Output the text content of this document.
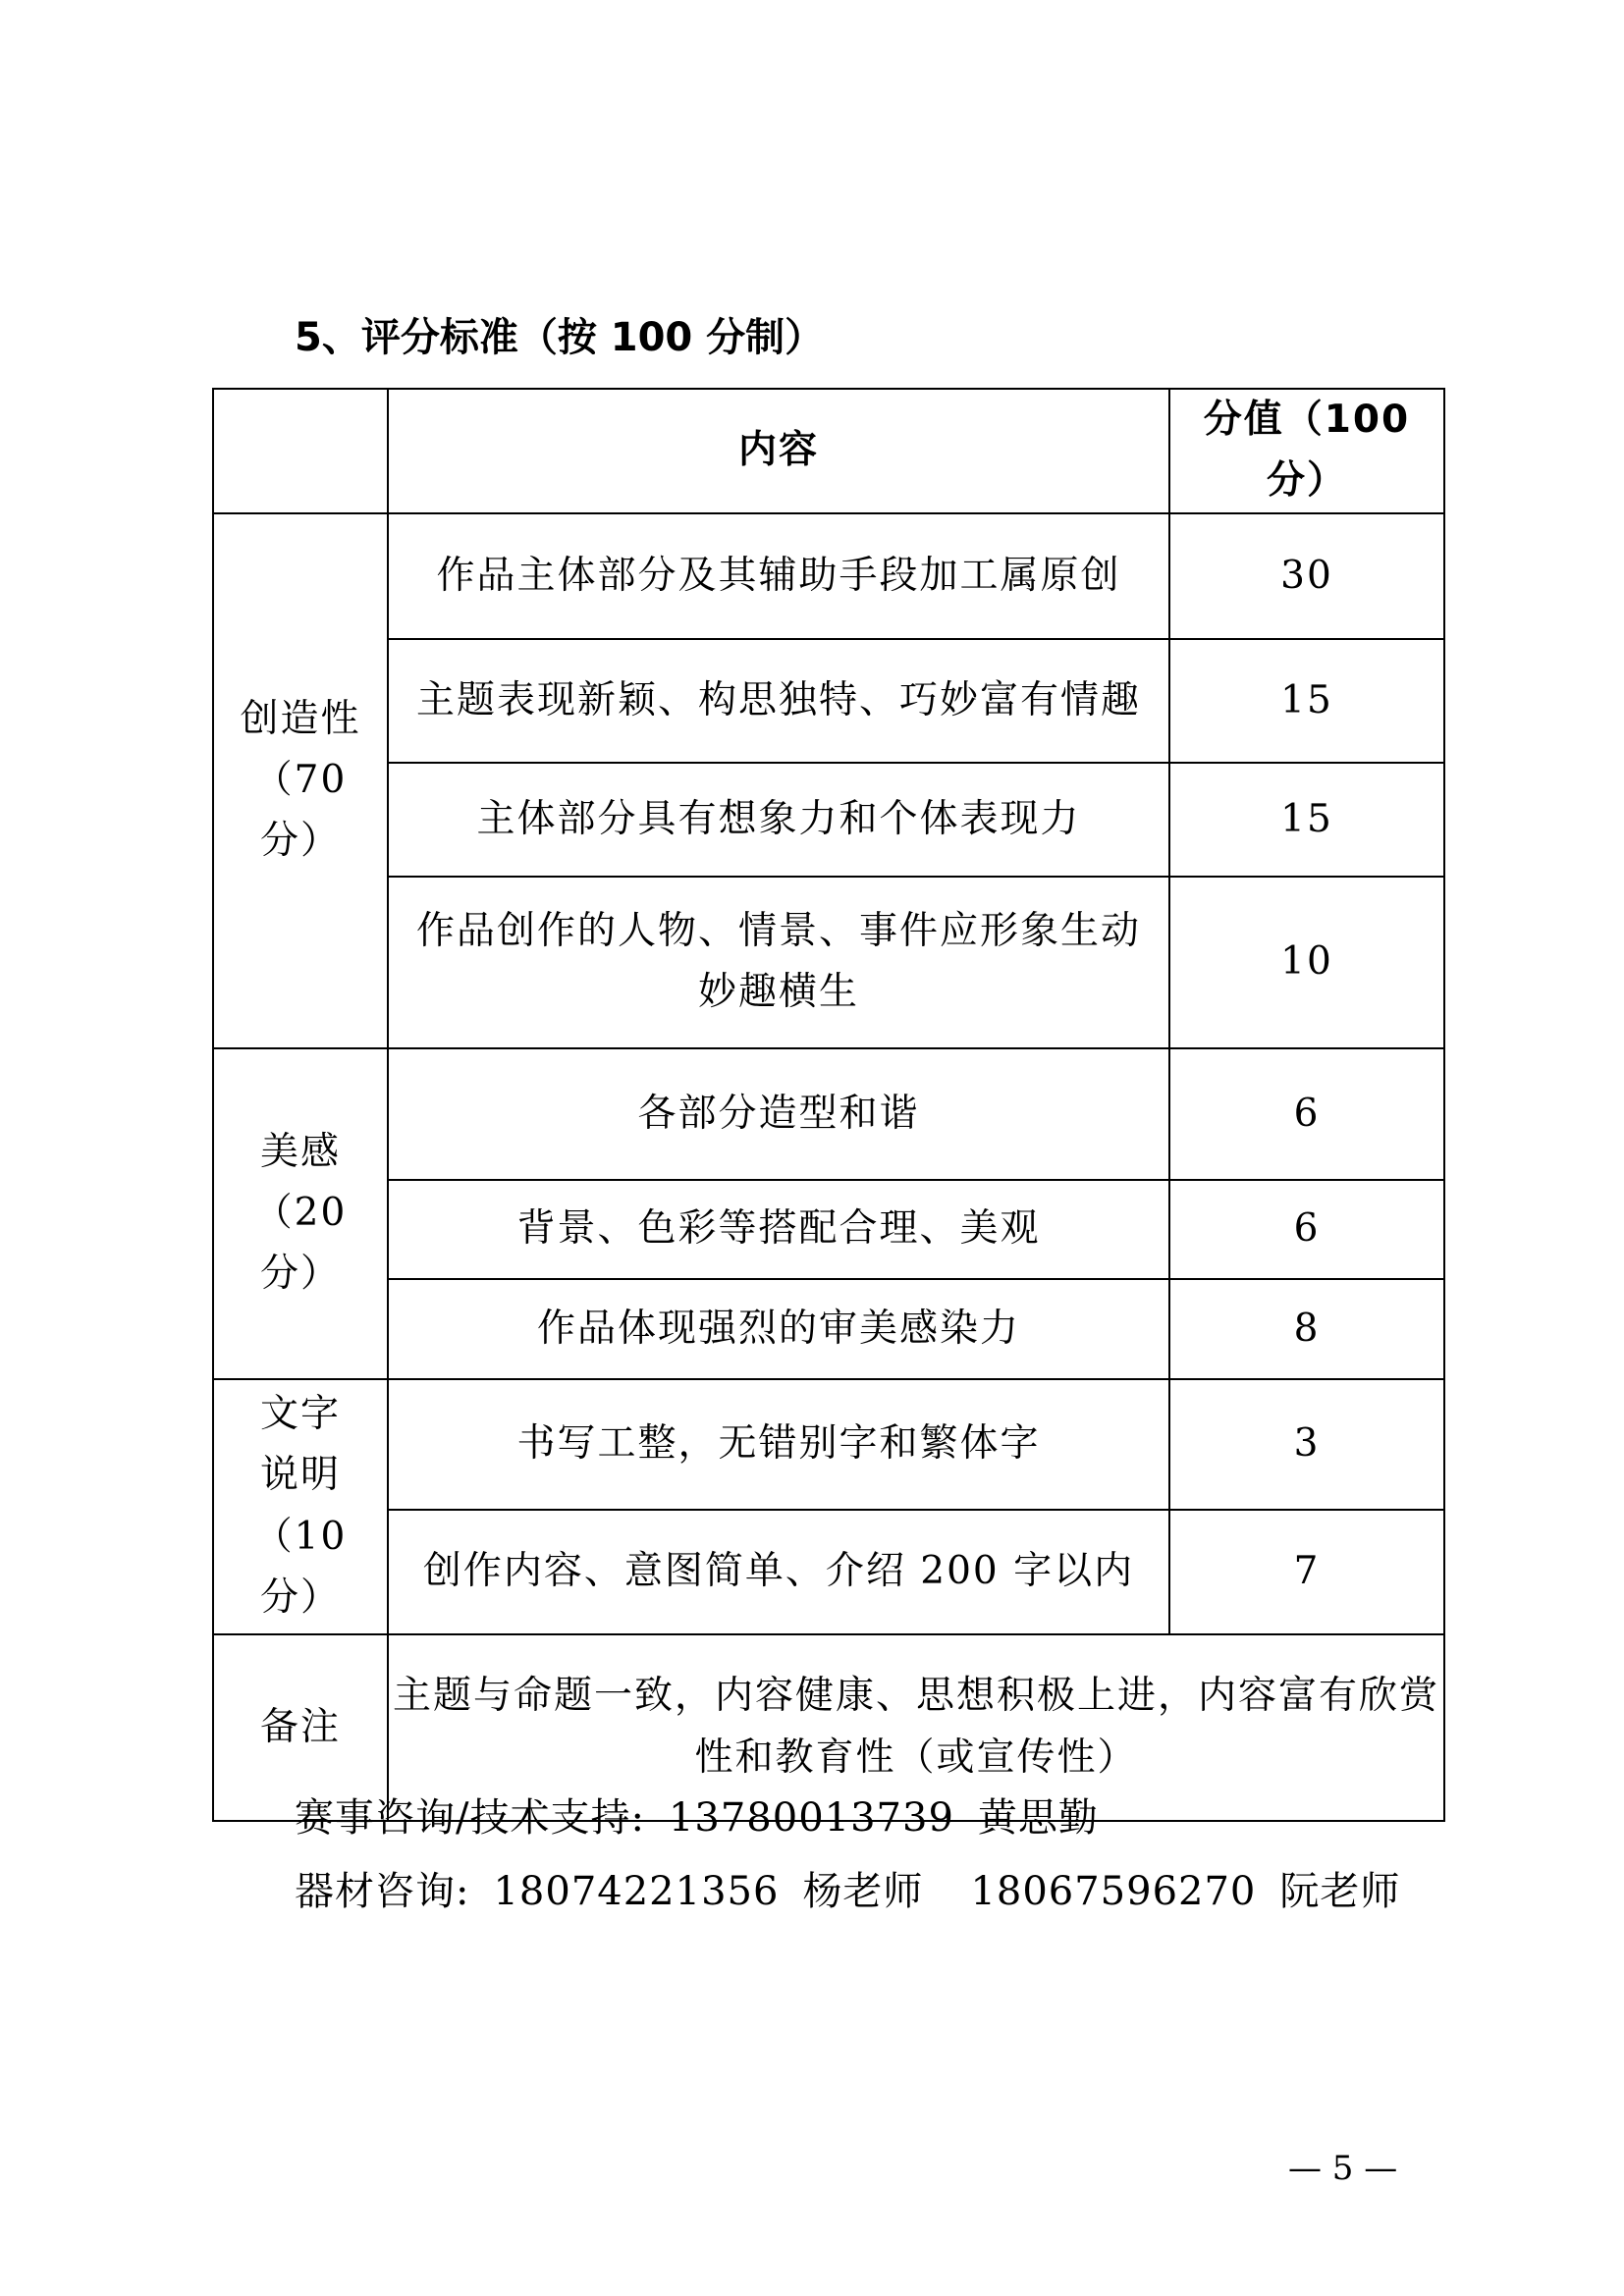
5、评分标准（按 100 分制）
	内容	分值（100 分）

创造性
（70 分）	作品主体部分及其辅助手段加工属原创	30
	主题表现新颖、构思独特、巧妙富有情趣	15
	主体部分具有想象力和个体表现力	15
	作品创作的人物、情景、事件应形象生动妙趣横生	10

美感
（20 分）	各部分造型和谐	6
	背景、色彩等搭配合理、美观	6
	作品体现强烈的审美感染力	8

文字
说明
（10 分）	书写工整，无错别字和繁体字	3
	创作内容、意图简单、介绍 200 字以内	7
备注	主题与命题一致，内容健康、思想积极上进，内容富有欣赏性和教育性（或宣传性）	
赛事咨询/技术支持: 13780013739 黄思勤
器材咨询: 18074221356 杨老师 18067596270 阮老师
— 5 —
